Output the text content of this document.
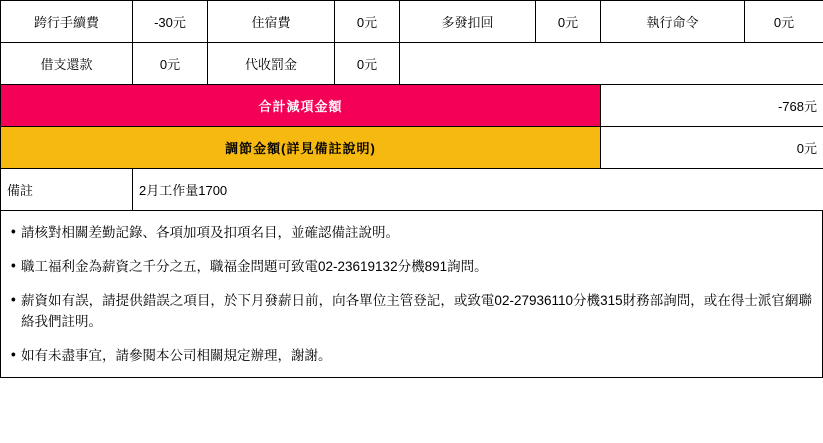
跨行手續費	-30元	住宿費	0元	多發扣回	0元	執行命令	0元
借支還款	0元	代收罰金	0元				
合計減項金額						-768元	
調節金額(詳見備註說明)						0元	
備註	2月工作量1700						
• 請核對相關差勤記錄、各項加項及扣項名目，並確認備註說明。
• 職工福利金為薪資之千分之五，職福金問題可致電02-23619132分機891詢問。
• 薪資如有誤，請提供錯誤之項目，於下月發薪日前，向各單位主管登記，或致電02-27936110分機315財務部詢問，或在得士派官網聯絡我們註明。
• 如有未盡事宜，請參閱本公司相關規定辦理，謝謝。
